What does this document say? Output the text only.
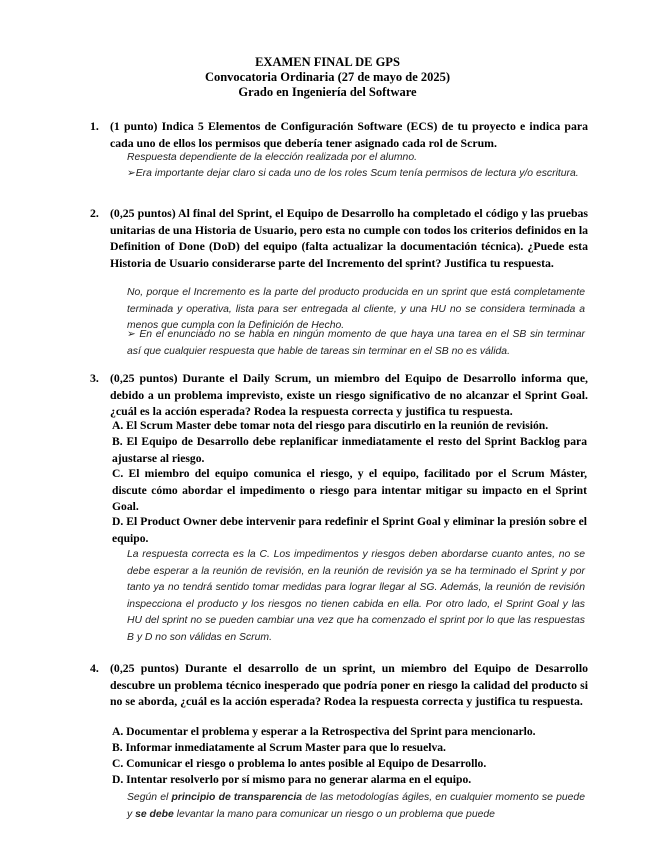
EXAMEN FINAL DE GPS
Convocatoria Ordinaria (27 de mayo de 2025)
Grado en Ingeniería del Software
1. (1 punto) Indica 5 Elementos de Configuración Software (ECS) de tu proyecto e indica para cada uno de ellos los permisos que debería tener asignado cada rol de Scrum.
Respuesta dependiente de la elección realizada por el alumno.
➢Era importante dejar claro si cada uno de los roles Scum tenía permisos de lectura y/o escritura.
2. (0,25 puntos) Al final del Sprint, el Equipo de Desarrollo ha completado el código y las pruebas unitarias de una Historia de Usuario, pero esta no cumple con todos los criterios definidos en la Definition of Done (DoD) del equipo (falta actualizar la documentación técnica). ¿Puede esta Historia de Usuario considerarse parte del Incremento del sprint? Justifica tu respuesta.
No, porque el Incremento es la parte del producto producida en un sprint que está completamente terminada y operativa, lista para ser entregada al cliente, y una HU no se considera terminada a menos que cumpla con la Definición de Hecho.
➢ En el enunciado no se habla en ningún momento de que haya una tarea en el SB sin terminar así que cualquier respuesta que hable de tareas sin terminar en el SB no es válida.
3. (0,25 puntos) Durante el Daily Scrum, un miembro del Equipo de Desarrollo informa que, debido a un problema imprevisto, existe un riesgo significativo de no alcanzar el Sprint Goal. ¿cuál es la acción esperada? Rodea la respuesta correcta y justifica tu respuesta.
A. El Scrum Master debe tomar nota del riesgo para discutirlo en la reunión de revisión.
B. El Equipo de Desarrollo debe replanificar inmediatamente el resto del Sprint Backlog para ajustarse al riesgo.
C. El miembro del equipo comunica el riesgo, y el equipo, facilitado por el Scrum Máster, discute cómo abordar el impedimento o riesgo para intentar mitigar su impacto en el Sprint Goal.
D. El Product Owner debe intervenir para redefinir el Sprint Goal y eliminar la presión sobre el equipo.
La respuesta correcta es la C. Los impedimentos y riesgos deben abordarse cuanto antes, no se debe esperar a la reunión de revisión, en la reunión de revisión ya se ha terminado el Sprint y por tanto ya no tendrá sentido tomar medidas para lograr llegar al SG. Además, la reunión de revisión inspecciona el producto y los riesgos no tienen cabida en ella. Por otro lado, el Sprint Goal y las HU del sprint no se pueden cambiar una vez que ha comenzado el sprint por lo que las respuestas B y D no son válidas en Scrum.
4. (0,25 puntos) Durante el desarrollo de un sprint, un miembro del Equipo de Desarrollo descubre un problema técnico inesperado que podría poner en riesgo la calidad del producto si no se aborda, ¿cuál es la acción esperada? Rodea la respuesta correcta y justifica tu respuesta.
A. Documentar el problema y esperar a la Retrospectiva del Sprint para mencionarlo.
B. Informar inmediatamente al Scrum Master para que lo resuelva.
C. Comunicar el riesgo o problema lo antes posible al Equipo de Desarrollo.
D. Intentar resolverlo por sí mismo para no generar alarma en el equipo.
Según el principio de transparencia de las metodologías ágiles, en cualquier momento se puede y se debe levantar la mano para comunicar un riesgo o un problema que puede
